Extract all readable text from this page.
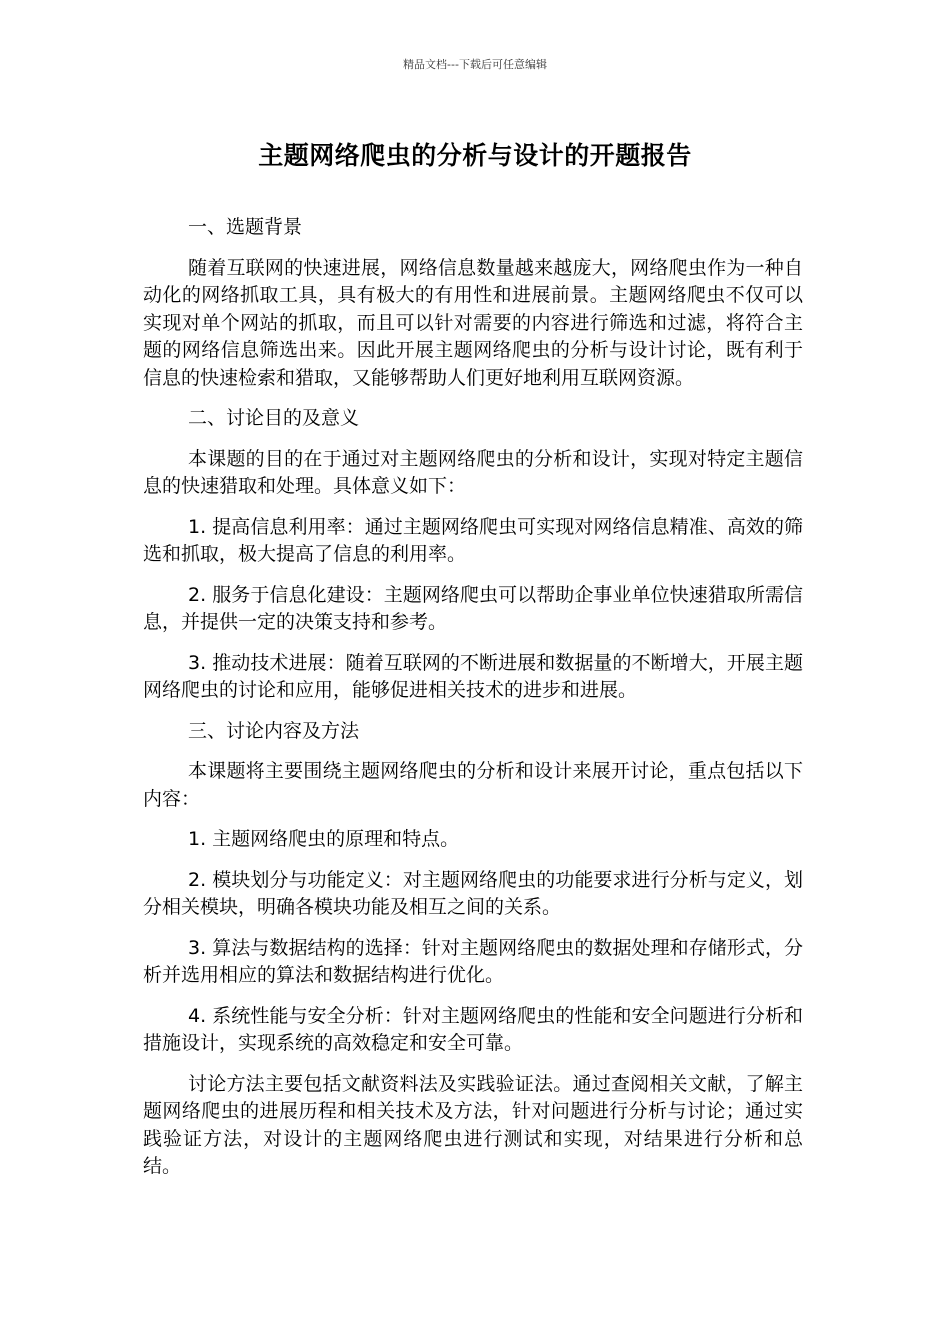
精品文档---下载后可任意编辑
主题网络爬虫的分析与设计的开题报告

一、选题背景

随着互联网的快速进展，网络信息数量越来越庞大，网络爬虫作为一种自动化的网络抓取工具，具有极大的有用性和进展前景。主题网络爬虫不仅可以实现对单个网站的抓取，而且可以针对需要的内容进行筛选和过滤，将符合主题的网络信息筛选出来。因此开展主题网络爬虫的分析与设计讨论，既有利于信息的快速检索和猎取，又能够帮助人们更好地利用互联网资源。

二、讨论目的及意义

本课题的目的在于通过对主题网络爬虫的分析和设计，实现对特定主题信息的快速猎取和处理。具体意义如下：

1. 提高信息利用率：通过主题网络爬虫可实现对网络信息精准、高效的筛选和抓取，极大提高了信息的利用率。

2. 服务于信息化建设：主题网络爬虫可以帮助企事业单位快速猎取所需信息，并提供一定的决策支持和参考。

3. 推动技术进展：随着互联网的不断进展和数据量的不断增大，开展主题网络爬虫的讨论和应用，能够促进相关技术的进步和进展。

三、讨论内容及方法

本课题将主要围绕主题网络爬虫的分析和设计来展开讨论，重点包括以下内容：

1. 主题网络爬虫的原理和特点。

2. 模块划分与功能定义：对主题网络爬虫的功能要求进行分析与定义，划分相关模块，明确各模块功能及相互之间的关系。

3. 算法与数据结构的选择：针对主题网络爬虫的数据处理和存储形式，分析并选用相应的算法和数据结构进行优化。

4. 系统性能与安全分析：针对主题网络爬虫的性能和安全问题进行分析和措施设计，实现系统的高效稳定和安全可靠。

讨论方法主要包括文献资料法及实践验证法。通过查阅相关文献，了解主题网络爬虫的进展历程和相关技术及方法，针对问题进行分析与讨论；通过实践验证方法，对设计的主题网络爬虫进行测试和实现，对结果进行分析和总结。
